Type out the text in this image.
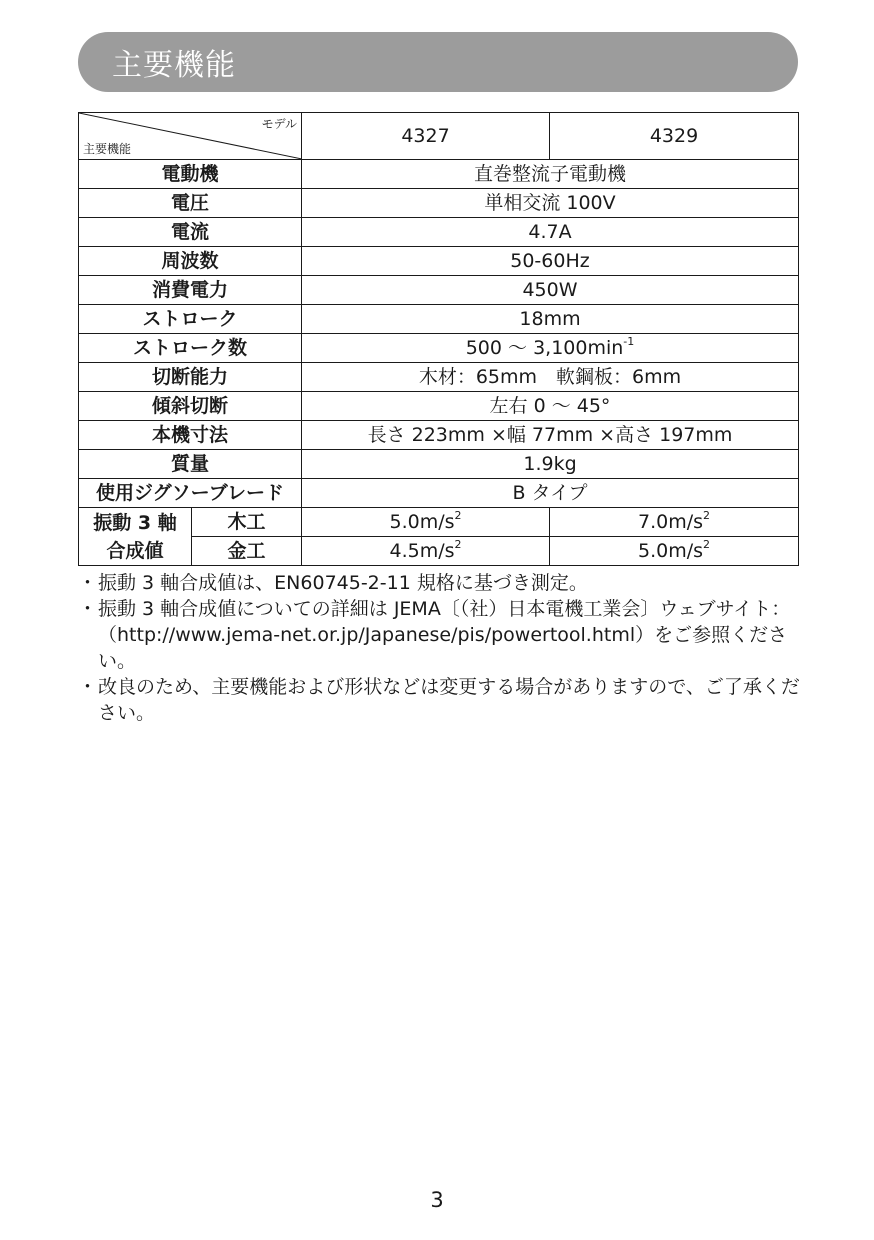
主要機能
モデル
主要機能		4327	4329
電動機		直巻整流子電動機	
電圧		単相交流 100V	
電流		4.7A	
周波数		50-60Hz	
消費電力		450W	
ストローク		18mm	
ストローク数		500 ～ $3,100\min^{-1}$
切断能力		木材：65mm　軟鋼板：6mm	
傾斜切断		左右 0 ～ 45°	
本機寸法		長さ 223mm ×幅 77mm ×高さ 197mm	
質量		1.9kg	
使用ジグソーブレード		B タイプ	

振動 3 軸
合成値	木工	$5.0m/s^2$	$7.0m/s^2$
	金工	$4.5m/s^2$	$5.0m/s^2$
・ 振動 3 軸合成値は、EN60745-2-11 規格に基づき測定。
・ 振動 3 軸合成値についての詳細は JEMA〔（社）日本電機工業会〕ウェブサイト：（http://www.jema-net.or.jp/Japanese/pis/powertool.html）をご参照ください。
・ 改良のため、主要機能および形状などは変更する場合がありますので、ご了承ください。
3
